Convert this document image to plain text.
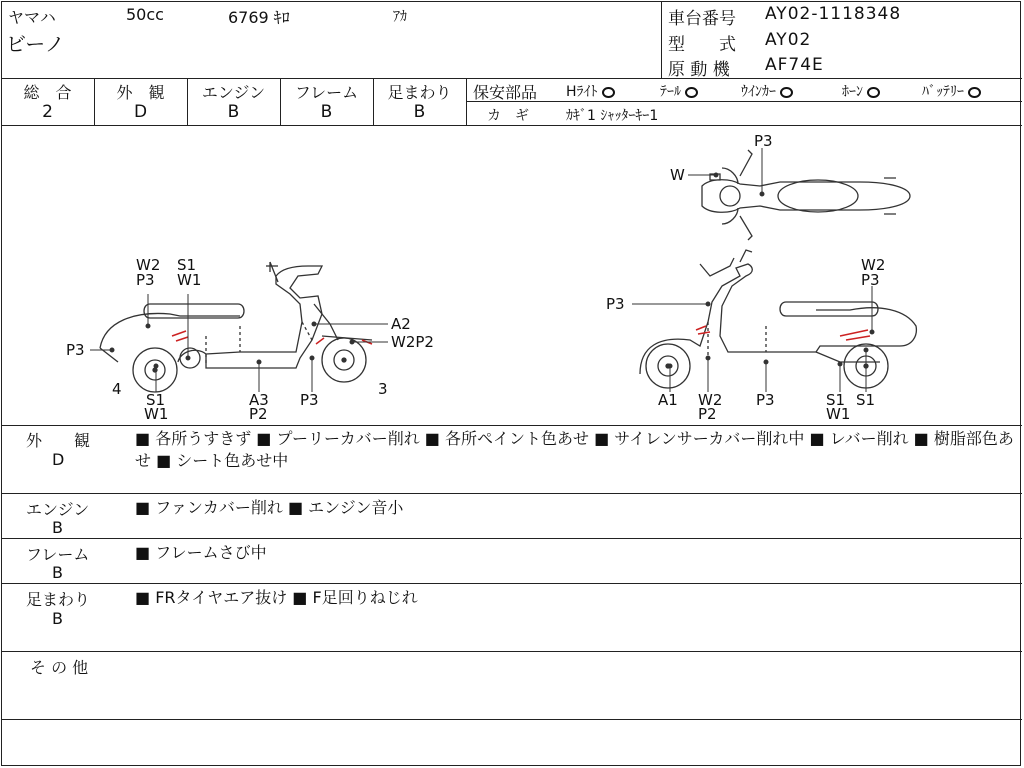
ヤマハ	50cc	6769 ｷﾛ	ｱｶ
ビーノ
車台番号 AY02-1118348
型　　式 AY02
原 動 機 AF74E
総　合
2
外　観
D
エンジン
B
フレーム
B
足まわり
B
保安部品 Hﾗｲﾄ	ﾃｰﾙ	ｳｲﾝｶｰ	ﾎｰﾝ	ﾊﾞｯﾃﾘｰ
カ　ギ	ｶｷﾞ1 ｼｬｯﾀｰｷｰ1
W2
P3
S1
W1
P3
A2
W2P2
4	3
S1
W1
A3
P2
P3
P3
W
P3
W2
P3
A1 W2
P2
P3	S1
W1
S1
外　　観
D
■ 各所うすきず ■ プーリーカバー削れ ■ 各所ペイント色あせ ■ サイレンサーカバー削れ中 ■ レバー削れ ■ 樹脂部色あせ ■ シート色あせ中
エンジン
B
■ ファンカバー削れ ■ エンジン音小
フレーム
B
■ フレームさび中
足まわり
B
■ FRタイヤエア抜け ■ F足回りねじれ
そ の 他
